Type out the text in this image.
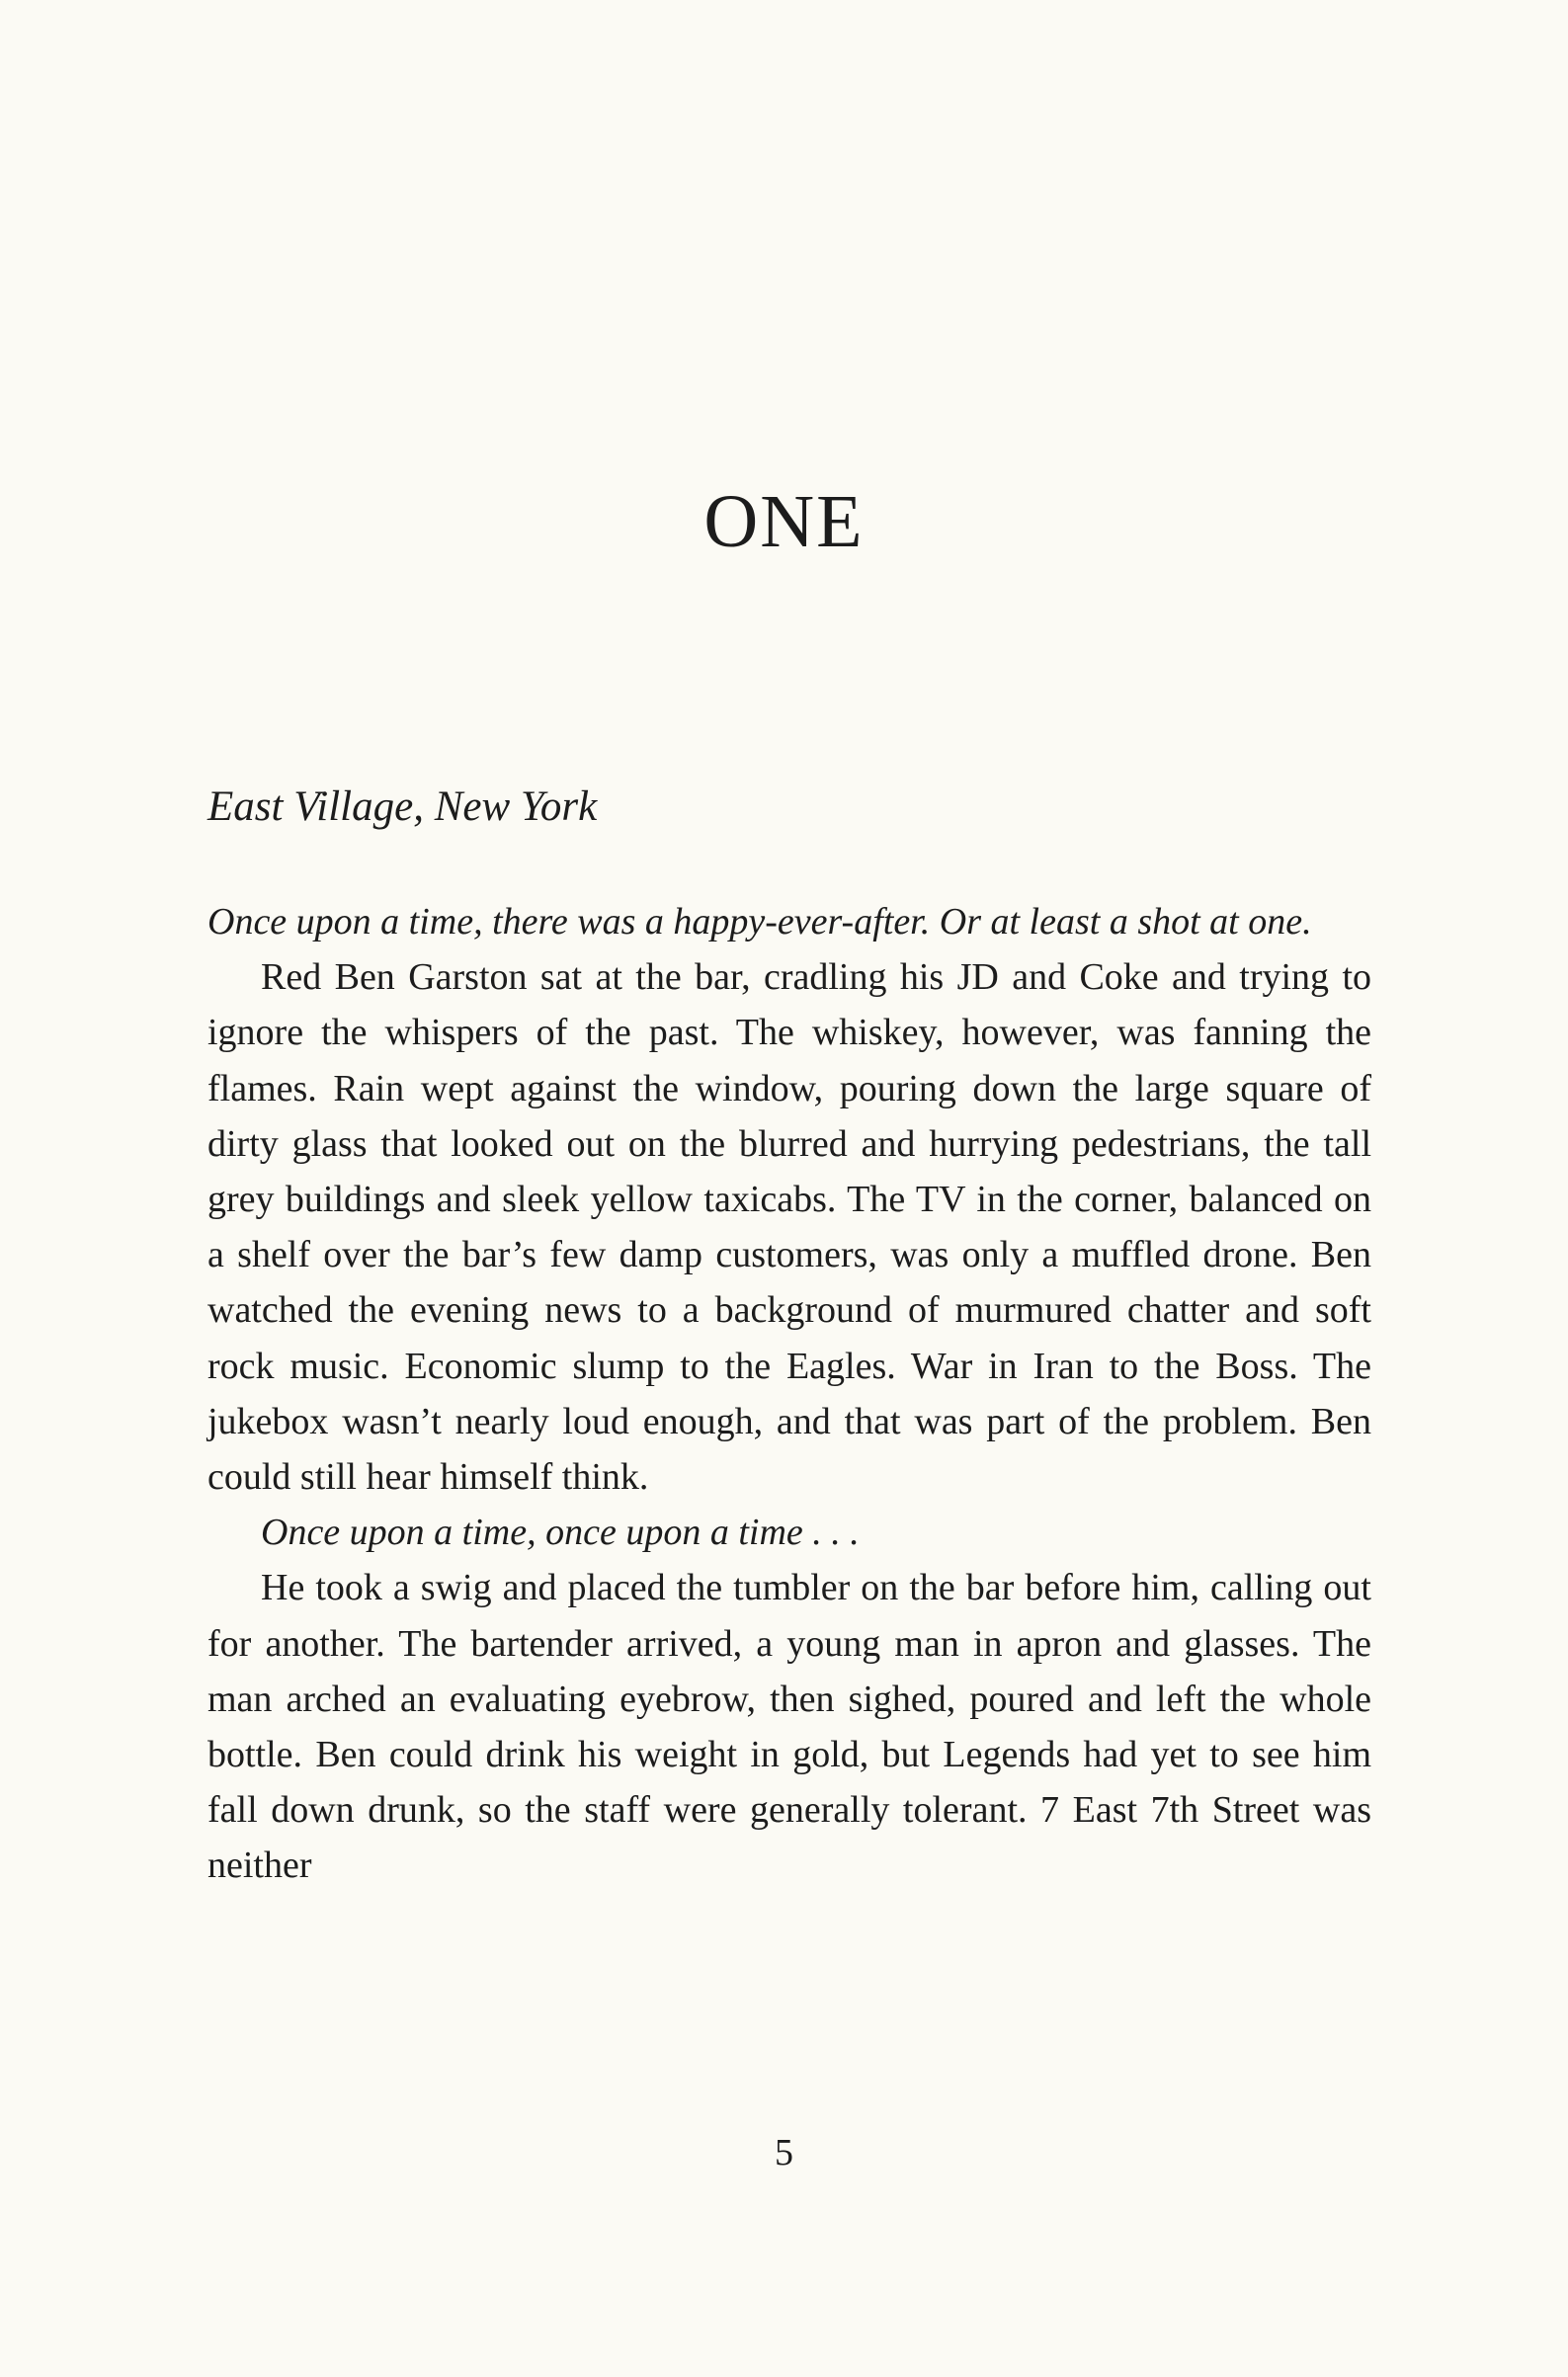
ONE

East Village, New York

Once upon a time, there was a happy-ever-after. Or at least a shot at one.

Red Ben Garston sat at the bar, cradling his JD and Coke and trying to ignore the whispers of the past. The whiskey, however, was fanning the flames. Rain wept against the window, pouring down the large square of dirty glass that looked out on the blurred and hurrying pedestrians, the tall grey buildings and sleek yellow taxicabs. The TV in the corner, balanced on a shelf over the bar’s few damp customers, was only a muffled drone. Ben watched the evening news to a background of murmured chatter and soft rock music. Economic slump to the Eagles. War in Iran to the Boss. The jukebox wasn’t nearly loud enough, and that was part of the problem. Ben could still hear himself think.

Once upon a time, once upon a time . . .

He took a swig and placed the tumbler on the bar before him, calling out for another. The bartender arrived, a young man in apron and glasses. The man arched an evaluating eyebrow, then sighed, poured and left the whole bottle. Ben could drink his weight in gold, but Legends had yet to see him fall down drunk, so the staff were generally tolerant. 7 East 7th Street was neither

5
